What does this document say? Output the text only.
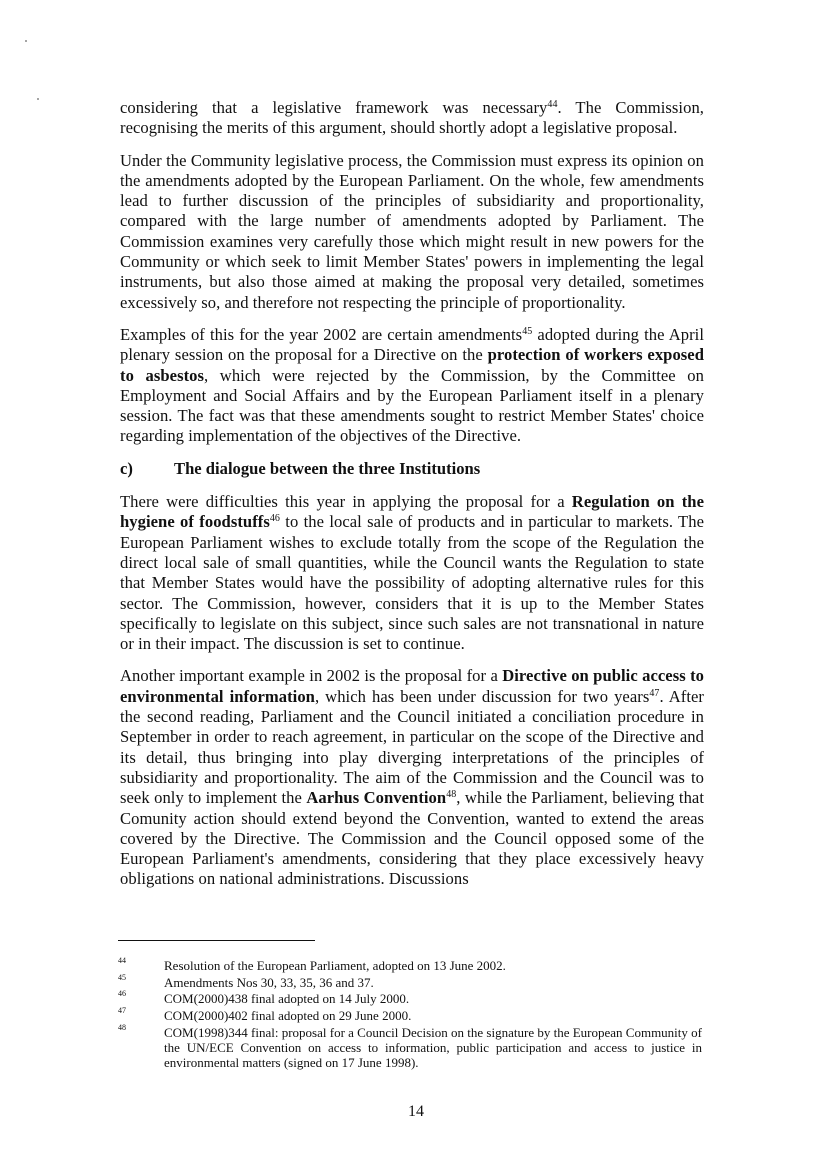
considering that a legislative framework was necessary$^{44}$. The Commission, recognising the merits of this argument, should shortly adopt a legislative proposal.

Under the Community legislative process, the Commission must express its opinion on the amendments adopted by the European Parliament. On the whole, few amendments lead to further discussion of the principles of subsidiarity and proportionality, compared with the large number of amendments adopted by Parliament. The Commission examines very carefully those which might result in new powers for the Community or which seek to limit Member States' powers in implementing the legal instruments, but also those aimed at making the proposal very detailed, sometimes excessively so, and therefore not respecting the principle of proportionality.

Examples of this for the year 2002 are certain amendments$^{45}$ adopted during the April plenary session on the proposal for a Directive on the protection of workers exposed to asbestos, which were rejected by the Commission, by the Committee on Employment and Social Affairs and by the European Parliament itself in a plenary session. The fact was that these amendments sought to restrict Member States' choice regarding implementation of the objectives of the Directive.

c)	The dialogue between the three Institutions

There were difficulties this year in applying the proposal for a Regulation on the hygiene of foodstuffs$^{46}$ to the local sale of products and in particular to markets. The European Parliament wishes to exclude totally from the scope of the Regulation the direct local sale of small quantities, while the Council wants the Regulation to state that Member States would have the possibility of adopting alternative rules for this sector. The Commission, however, considers that it is up to the Member States specifically to legislate on this subject, since such sales are not transnational in nature or in their impact. The discussion is set to continue.

Another important example in 2002 is the proposal for a Directive on public access to environmental information, which has been under discussion for two years$^{47}$. After the second reading, Parliament and the Council initiated a conciliation procedure in September in order to reach agreement, in particular on the scope of the Directive and its detail, thus bringing into play diverging interpretations of the principles of subsidiarity and proportionality. The aim of the Commission and the Council was to seek only to implement the Aarhus Convention$^{48}$, while the Parliament, believing that Comunity action should extend beyond the Convention, wanted to extend the areas covered by the Directive. The Commission and the Council opposed some of the European Parliament's amendments, considering that they place excessively heavy obligations on national administrations. Discussions

44	Resolution of the European Parliament, adopted on 13 June 2002.
45	Amendments Nos 30, 33, 35, 36 and 37.
46	COM(2000)438 final adopted on 14 July 2000.
47	COM(2000)402 final adopted on 29 June 2000.
48	COM(1998)344 final: proposal for a Council Decision on the signature by the European Community of the UN/ECE Convention on access to information, public participation and access to justice in environmental matters (signed on 17 June 1998).
14
